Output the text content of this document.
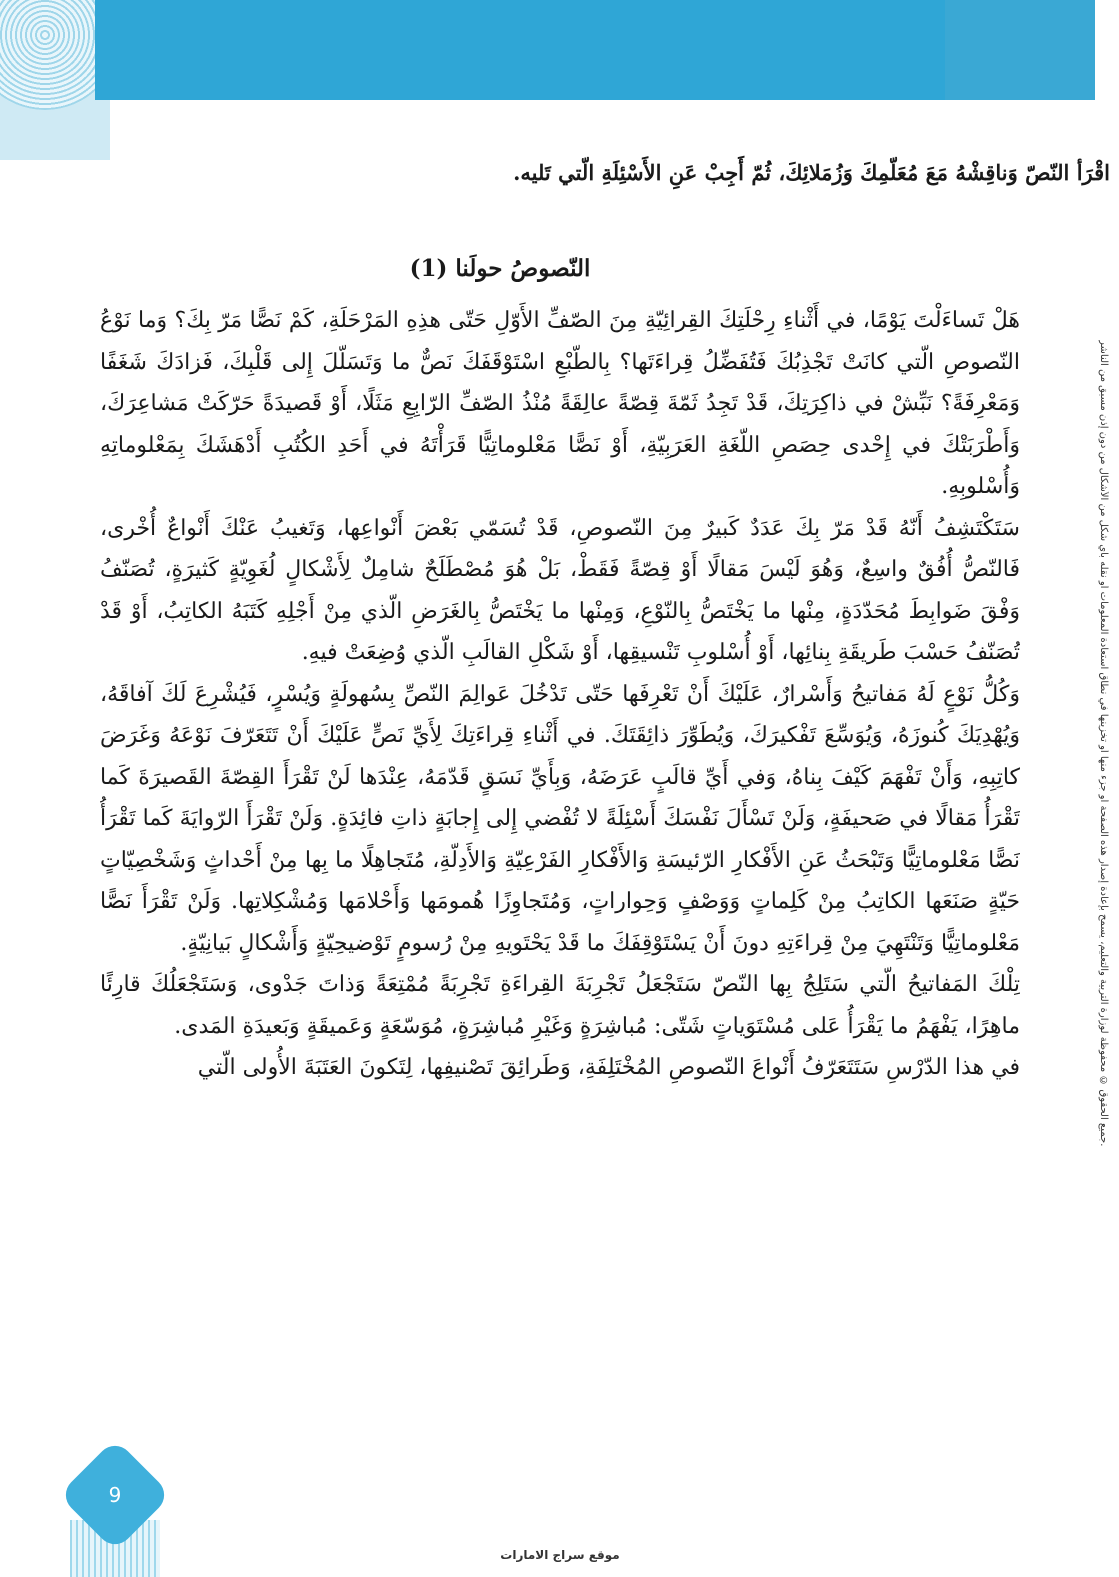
جميع الحقوق © محفوظة لوزارة التربية والتعليم، يسمح بإعادة إصدار هذه الصفحة أو جزء منها أو تخزينها في نطاق استعادة المعلومات أو نقله بأي شكل من الأشكال من دون إذن مسبق من الناشر.
اقْرَأ النّصّ وَناقِشْهُ مَعَ مُعَلّمِكَ وَزُمَلائِكَ، ثُمّ أَجِبْ عَنِ الأَسْئِلَةِ الّتي تَليه.
النّصوصُ حولَنا (1)

هَلْ تَساءَلْتَ يَوْمًا، في أَثْناءِ رِحْلَتِكَ القِرائِيّةِ مِنَ الصّفِّ الأَوّلِ حَتّى هذِهِ المَرْحَلَةِ، كَمْ نَصًّا مَرّ بِكَ؟ وَما نَوْعُ النّصوصِ الّتي كانَتْ تَجْذِبُكَ فَتُفَضِّلُ قِراءَتَها؟ بِالطّبْعِ اسْتَوْقَفَكَ نَصٌّ ما وَتَسَلّلَ إِلى قَلْبِكَ، فَزادَكَ شَغَفًا وَمَعْرِفَةً؟ نَبِّشْ في ذاكِرَتِكَ، قَدْ تَجِدُ ثَمّةَ قِصّةً عالِقَةً مُنْذُ الصّفِّ الرّابِعِ مَثَلًا، أَوْ قَصيدَةً حَرّكَتْ مَشاعِرَكَ، وَأَطْرَبَتْكَ في إِحْدى حِصَصِ اللّغَةِ العَرَبِيّةِ، أَوْ نَصًّا مَعْلوماتِيًّا قَرَأْتَهُ في أَحَدِ الكُتُبِ أَدْهَشَكَ بِمَعْلوماتِهِ وَأُسْلوبِهِ.

سَتَكْتَشِفُ أَنّهُ قَدْ مَرّ بِكَ عَدَدٌ كَبيرٌ مِنَ النّصوصِ، قَدْ تُسَمّي بَعْضَ أَنْواعِها، وَتَغيبُ عَنْكَ أَنْواعٌ أُخْرى، فَالنّصُّ أُفُقٌ واسِعٌ، وَهُوَ لَيْسَ مَقالًا أَوْ قِصّةً فَقَطْ، بَلْ هُوَ مُصْطَلَحٌ شامِلٌ لِأَشْكالٍ لُغَوِيّةٍ كَثيرَةٍ، تُصَنّفُ وَفْقَ ضَوابِطَ مُحَدّدَةٍ، مِنْها ما يَخْتَصُّ بِالنّوْعِ، وَمِنْها ما يَخْتَصُّ بِالغَرَضِ الّذي مِنْ أَجْلِهِ كَتَبَهُ الكاتِبُ، أَوْ قَدْ تُصَنّفُ حَسْبَ طَريقَةِ بِنائِها، أَوْ أُسْلوبِ تَنْسيقِها، أَوْ شَكْلِ القالَبِ الّذي وُضِعَتْ فيهِ.

وَكُلُّ نَوْعٍ لَهُ مَفاتيحُ وَأَسْرارٌ، عَلَيْكَ أَنْ تَعْرِفَها حَتّى تَدْخُلَ عَوالِمَ النّصِّ بِسُهولَةٍ وَيُسْرٍ، فَيُشْرِعَ لَكَ آفاقَهُ، وَيُهْدِيَكَ كُنوزَهُ، وَيُوَسِّعَ تَفْكيرَكَ، وَيُطَوِّرَ ذائِقَتَكَ. في أَثْناءِ قِراءَتِكَ لِأَيِّ نَصٍّ عَلَيْكَ أَنْ تَتَعَرّفَ نَوْعَهُ وَغَرَضَ كاتِبِهِ، وَأَنْ تَفْهَمَ كَيْفَ بِناهُ، وَفي أَيِّ قالَبٍ عَرَضَهُ، وَبِأَيِّ نَسَقٍ قَدّمَهُ، عِنْدَها لَنْ تَقْرَأَ القِصّةَ القَصيرَةَ كَما تَقْرَأُ مَقالًا في صَحيفَةٍ، وَلَنْ تَسْأَلَ نَفْسَكَ أَسْئِلَةً لا تُفْضي إِلى إِجابَةٍ ذاتِ فائِدَةٍ. وَلَنْ تَقْرَأَ الرّوايَةَ كَما تَقْرَأُ نَصًّا مَعْلوماتِيًّا وَتَبْحَثُ عَنِ الأَفْكارِ الرّئيسَةِ وَالأَفْكارِ الفَرْعِيّةِ وَالأَدِلّةِ، مُتَجاهِلًا ما بِها مِنْ أَحْداثٍ وَشَخْصِيّاتٍ حَيّةٍ صَنَعَها الكاتِبُ مِنْ كَلِماتٍ وَوَصْفٍ وَحِواراتٍ، وَمُتَجاوِزًا هُمومَها وَأَحْلامَها وَمُشْكِلاتِها. وَلَنْ تَقْرَأَ نَصًّا مَعْلوماتِيًّا وَتَنْتَهِيَ مِنْ قِراءَتِهِ دونَ أَنْ يَسْتَوْقِفَكَ ما قَدْ يَحْتَويهِ مِنْ رُسومٍ تَوْضيحِيّةٍ وَأَشْكالٍ بَيانِيّةٍ.

تِلْكَ المَفاتيحُ الّتي سَتَلِجُ بِها النّصّ سَتَجْعَلُ تَجْرِبَةَ القِراءَةِ تَجْرِبَةً مُمْتِعَةً وَذاتَ جَدْوى، وَسَتَجْعَلُكَ قارِئًا ماهِرًا، يَفْهَمُ ما يَقْرَأُ عَلى مُسْتَوَياتٍ شَتّى: مُباشِرَةٍ وَغَيْرِ مُباشِرَةٍ، مُوَسّعَةٍ وَعَميقَةٍ وَبَعيدَةِ المَدى.

في هذا الدّرْسِ سَتَتَعَرّفُ أَنْواعَ النّصوصِ المُخْتَلِفَةِ، وَطَرائِقَ تَصْنيفِها، لِتَكونَ العَتَبَةَ الأُولى الّتي

9
موقع سراج الامارات
